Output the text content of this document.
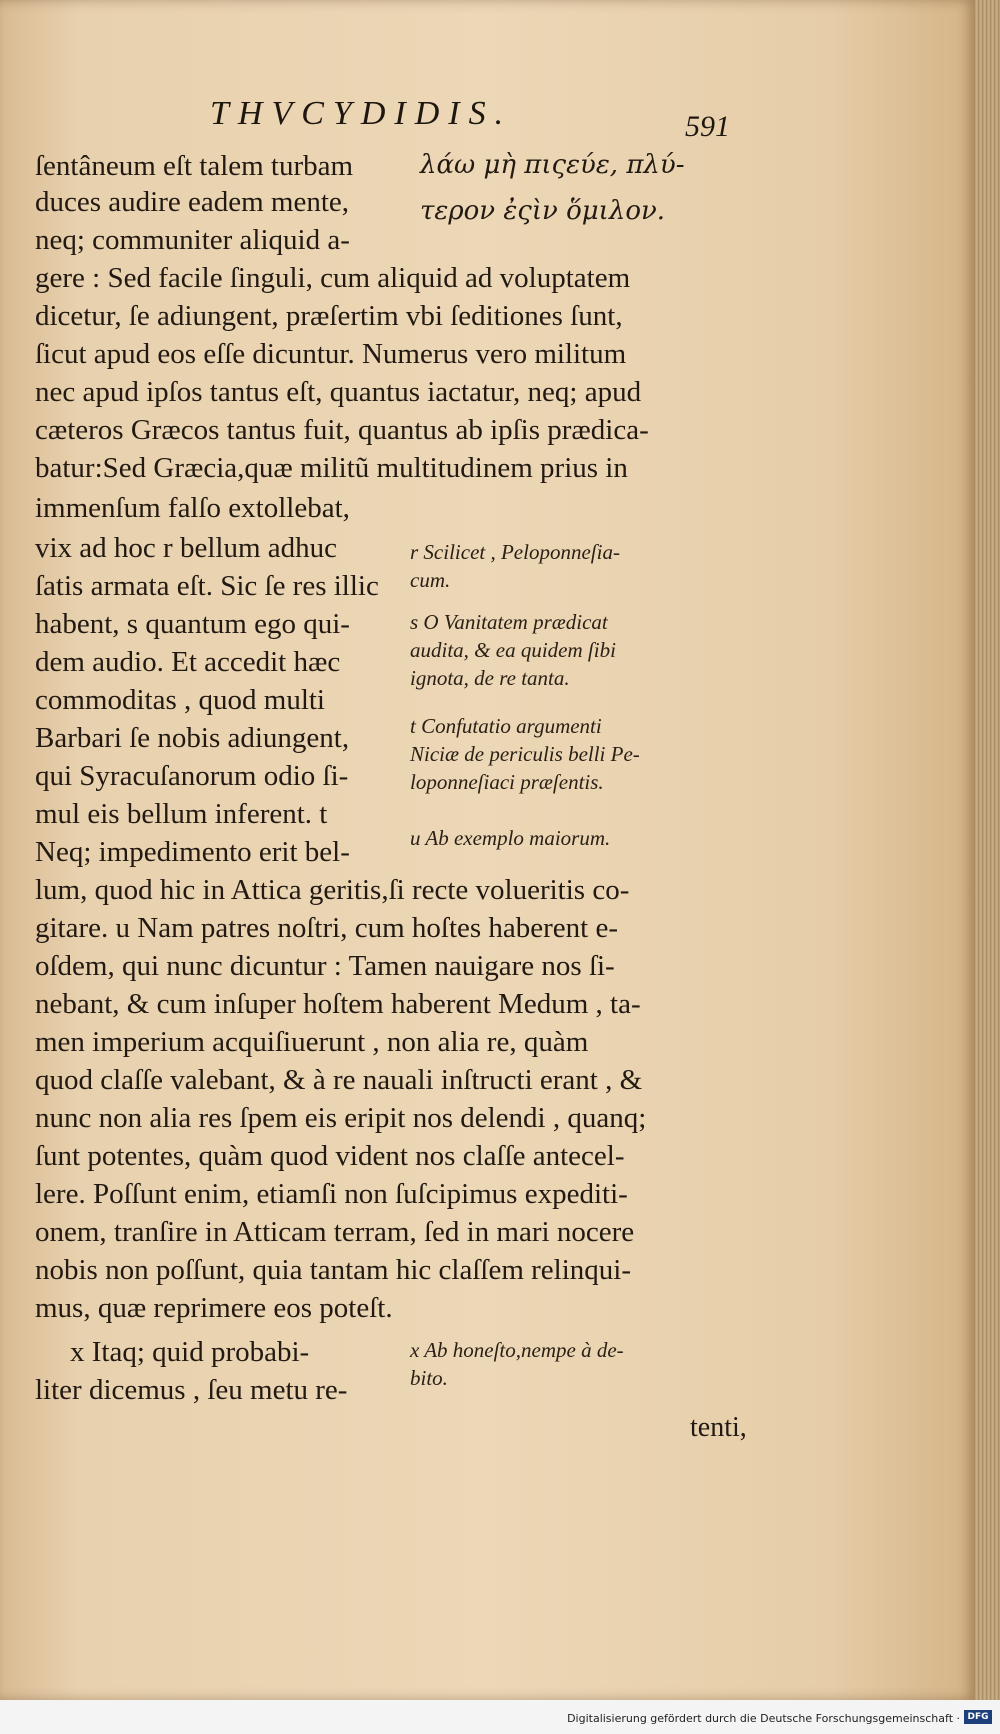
THVCYDIDIS.	591
λάω μὴ πιςεύε, πλύ-
τερον ἐςὶν ὅμιλον.
ſentâneum eſt talem turbam
duces audire eadem mente,
neq; communiter aliquid a-
gere : Sed facile ſinguli, cum aliquid ad voluptatem
dicetur, ſe adiungent, præſertim vbi ſeditiones ſunt,
ſicut apud eos eſſe dicuntur. Numerus vero militum
nec apud ipſos tantus eſt, quantus iactatur, neq; apud
cæteros Græcos tantus fuit, quantus ab ipſis prædica-
batur:Sed Græcia,quæ militũ multitudinem prius in
immenſum falſo extollebat,
vix ad hoc r bellum adhuc
ſatis armata eſt. Sic ſe res illic
habent, s quantum ego qui-
dem audio. Et accedit hæc
commoditas , quod multi
Barbari ſe nobis adiungent,
qui Syracuſanorum odio ſi-
mul eis bellum inferent. t
Neq; impedimento erit bel-
lum, quod hic in Attica geritis,ſi recte volueritis co-
gitare. u Nam patres noſtri, cum hoſtes haberent e-
oſdem, qui nunc dicuntur : Tamen nauigare nos ſi-
nebant, & cum inſuper hoſtem haberent Medum , ta-
men imperium acquiſiuerunt , non alia re, quàm
quod claſſe valebant, & à re nauali inſtructi erant , &
nunc non alia res ſpem eis eripit nos delendi , quanq;
ſunt potentes, quàm quod vident nos claſſe antecel-
lere. Poſſunt enim, etiamſi non ſuſcipimus expediti-
onem, tranſire in Atticam terram, ſed in mari nocere
nobis non poſſunt, quia tantam hic claſſem relinqui-
mus, quæ reprimere eos poteſt.
x Itaq; quid probabi-
liter dicemus , ſeu metu re-
r Scilicet , Peloponneſia-
cum.
s O Vanitatem prædicat
audita, & ea quidem ſibi
ignota, de re tanta.
t Confutatio argumenti
Niciæ de periculis belli Pe-
loponneſiaci præſentis.
u Ab exemplo maiorum.
x Ab honeſto,nempe à de-
bito.
tenti,
Digitalisierung gefördert durch die Deutsche Forschungsgemeinschaft · DFG
